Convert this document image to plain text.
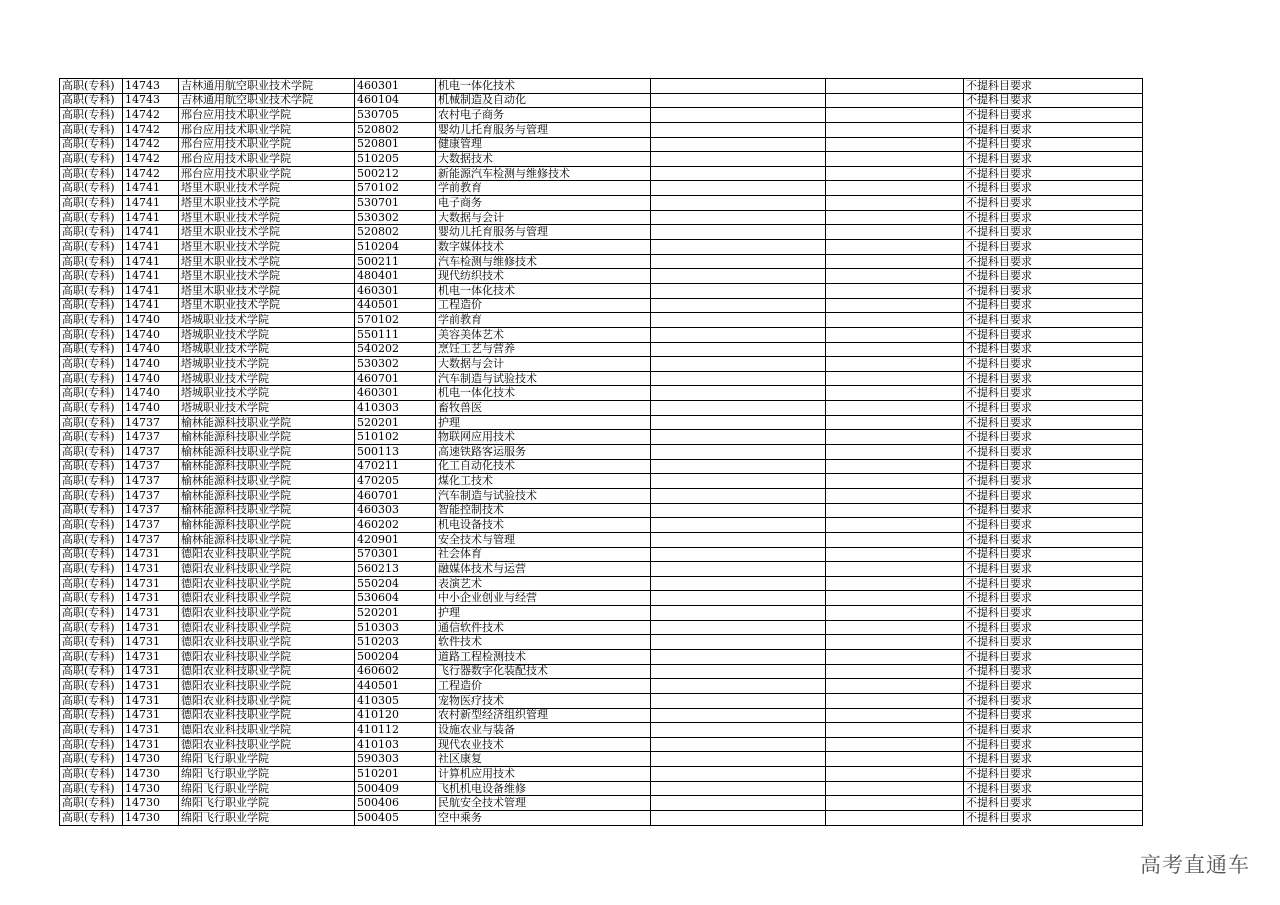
高职(专科)	14743	吉林通用航空职业技术学院	460301	机电一体化技术			不提科目要求
高职(专科)	14743	吉林通用航空职业技术学院	460104	机械制造及自动化			不提科目要求
高职(专科)	14742	邢台应用技术职业学院	530705	农村电子商务			不提科目要求
高职(专科)	14742	邢台应用技术职业学院	520802	婴幼儿托育服务与管理			不提科目要求
高职(专科)	14742	邢台应用技术职业学院	520801	健康管理			不提科目要求
高职(专科)	14742	邢台应用技术职业学院	510205	大数据技术			不提科目要求
高职(专科)	14742	邢台应用技术职业学院	500212	新能源汽车检测与维修技术			不提科目要求
高职(专科)	14741	塔里木职业技术学院	570102	学前教育			不提科目要求
高职(专科)	14741	塔里木职业技术学院	530701	电子商务			不提科目要求
高职(专科)	14741	塔里木职业技术学院	530302	大数据与会计			不提科目要求
高职(专科)	14741	塔里木职业技术学院	520802	婴幼儿托育服务与管理			不提科目要求
高职(专科)	14741	塔里木职业技术学院	510204	数字媒体技术			不提科目要求
高职(专科)	14741	塔里木职业技术学院	500211	汽车检测与维修技术			不提科目要求
高职(专科)	14741	塔里木职业技术学院	480401	现代纺织技术			不提科目要求
高职(专科)	14741	塔里木职业技术学院	460301	机电一体化技术			不提科目要求
高职(专科)	14741	塔里木职业技术学院	440501	工程造价			不提科目要求
高职(专科)	14740	塔城职业技术学院	570102	学前教育			不提科目要求
高职(专科)	14740	塔城职业技术学院	550111	美容美体艺术			不提科目要求
高职(专科)	14740	塔城职业技术学院	540202	烹饪工艺与营养			不提科目要求
高职(专科)	14740	塔城职业技术学院	530302	大数据与会计			不提科目要求
高职(专科)	14740	塔城职业技术学院	460701	汽车制造与试验技术			不提科目要求
高职(专科)	14740	塔城职业技术学院	460301	机电一体化技术			不提科目要求
高职(专科)	14740	塔城职业技术学院	410303	畜牧兽医			不提科目要求
高职(专科)	14737	榆林能源科技职业学院	520201	护理			不提科目要求
高职(专科)	14737	榆林能源科技职业学院	510102	物联网应用技术			不提科目要求
高职(专科)	14737	榆林能源科技职业学院	500113	高速铁路客运服务			不提科目要求
高职(专科)	14737	榆林能源科技职业学院	470211	化工自动化技术			不提科目要求
高职(专科)	14737	榆林能源科技职业学院	470205	煤化工技术			不提科目要求
高职(专科)	14737	榆林能源科技职业学院	460701	汽车制造与试验技术			不提科目要求
高职(专科)	14737	榆林能源科技职业学院	460303	智能控制技术			不提科目要求
高职(专科)	14737	榆林能源科技职业学院	460202	机电设备技术			不提科目要求
高职(专科)	14737	榆林能源科技职业学院	420901	安全技术与管理			不提科目要求
高职(专科)	14731	德阳农业科技职业学院	570301	社会体育			不提科目要求
高职(专科)	14731	德阳农业科技职业学院	560213	融媒体技术与运营			不提科目要求
高职(专科)	14731	德阳农业科技职业学院	550204	表演艺术			不提科目要求
高职(专科)	14731	德阳农业科技职业学院	530604	中小企业创业与经营			不提科目要求
高职(专科)	14731	德阳农业科技职业学院	520201	护理			不提科目要求
高职(专科)	14731	德阳农业科技职业学院	510303	通信软件技术			不提科目要求
高职(专科)	14731	德阳农业科技职业学院	510203	软件技术			不提科目要求
高职(专科)	14731	德阳农业科技职业学院	500204	道路工程检测技术			不提科目要求
高职(专科)	14731	德阳农业科技职业学院	460602	飞行器数字化装配技术			不提科目要求
高职(专科)	14731	德阳农业科技职业学院	440501	工程造价			不提科目要求
高职(专科)	14731	德阳农业科技职业学院	410305	宠物医疗技术			不提科目要求
高职(专科)	14731	德阳农业科技职业学院	410120	农村新型经济组织管理			不提科目要求
高职(专科)	14731	德阳农业科技职业学院	410112	设施农业与装备			不提科目要求
高职(专科)	14731	德阳农业科技职业学院	410103	现代农业技术			不提科目要求
高职(专科)	14730	绵阳飞行职业学院	590303	社区康复			不提科目要求
高职(专科)	14730	绵阳飞行职业学院	510201	计算机应用技术			不提科目要求
高职(专科)	14730	绵阳飞行职业学院	500409	飞机机电设备维修			不提科目要求
高职(专科)	14730	绵阳飞行职业学院	500406	民航安全技术管理			不提科目要求
高职(专科)	14730	绵阳飞行职业学院	500405	空中乘务			不提科目要求
高考直通车
